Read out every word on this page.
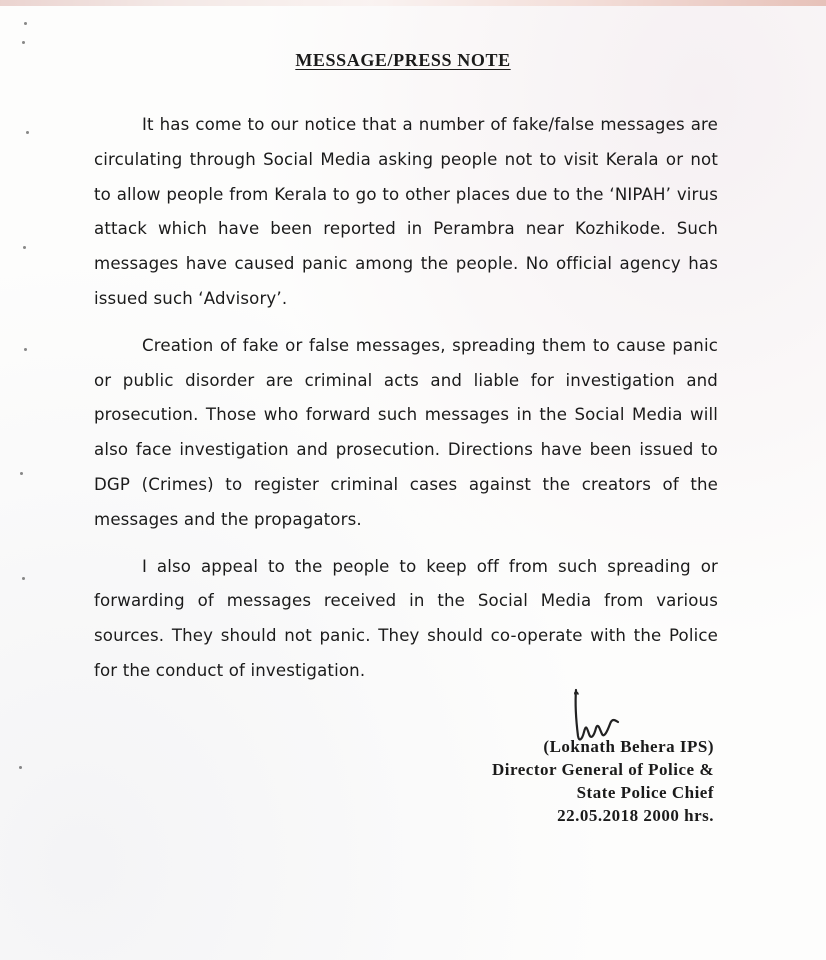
MESSAGE/PRESS NOTE

It has come to our notice that a number of fake/false messages are circulating through Social Media asking people not to visit Kerala or not to allow people from Kerala to go to other places due to the ‘NIPAH’ virus attack which have been reported in Perambra near Kozhikode. Such messages have caused panic among the people. No official agency has issued such ‘Advisory’.

Creation of fake or false messages, spreading them to cause panic or public disorder are criminal acts and liable for investigation and prosecution. Those who forward such messages in the Social Media will also face investigation and prosecution. Directions have been issued to DGP (Crimes) to register criminal cases against the creators of the messages and the propagators.

I also appeal to the people to keep off from such spreading or forwarding of messages received in the Social Media from various sources. They should not panic. They should co-operate with the Police for the conduct of investigation.

(Loknath Behera IPS)
Director General of Police &
State Police Chief
22.05.2018 2000 hrs.
